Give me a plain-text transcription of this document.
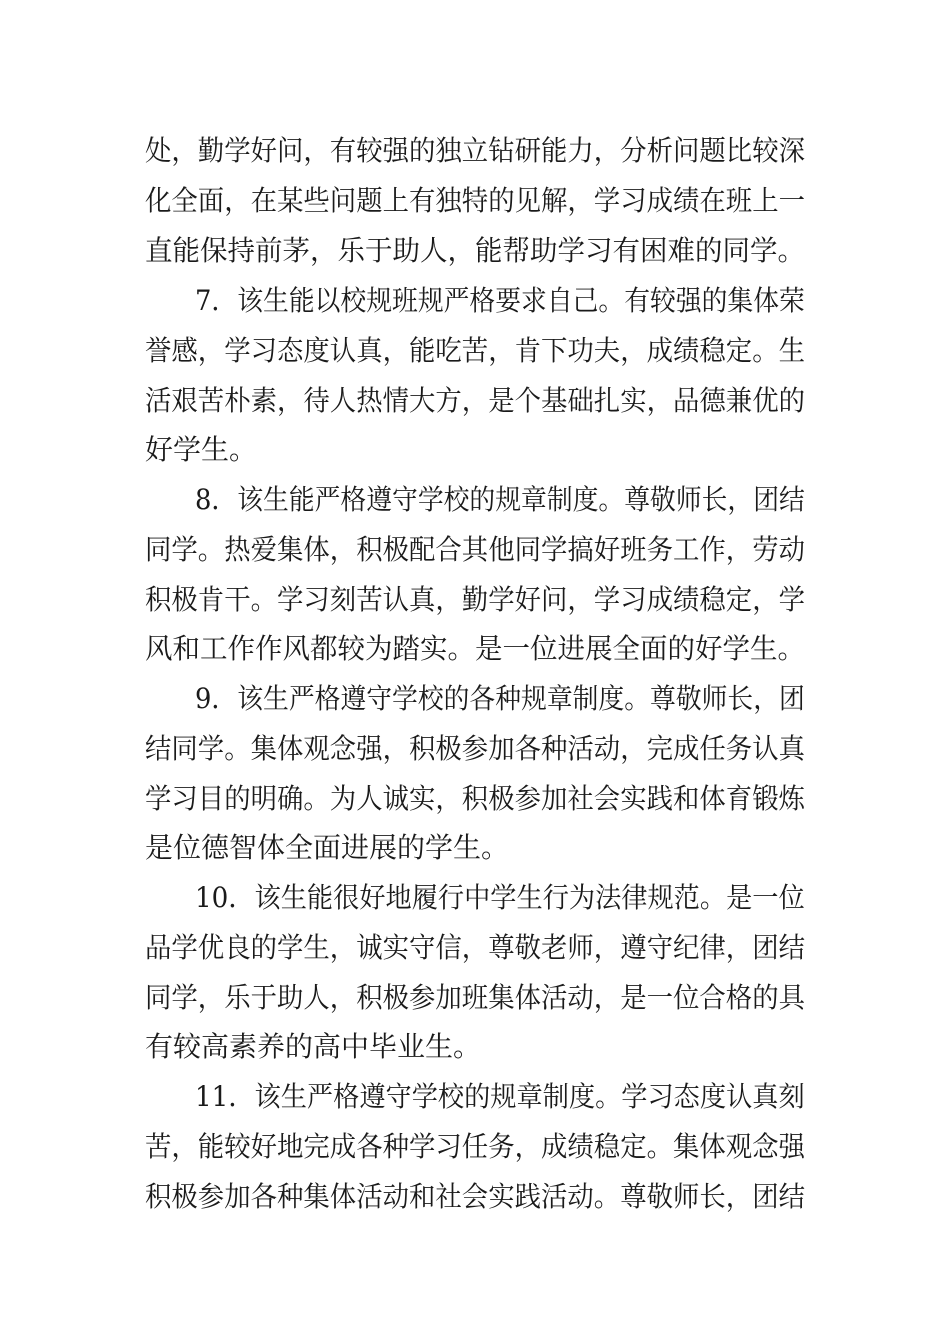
处，勤学好问，有较强的独立钻研能力，分析问题比较深
化全面，在某些问题上有独特的见解，学习成绩在班上一
直能保持前茅，乐于助人，能帮助学习有困难的同学。
7．该生能以校规班规严格要求自己。有较强的集体荣
誉感，学习态度认真，能吃苦，肯下功夫，成绩稳定。生
活艰苦朴素，待人热情大方，是个基础扎实，品德兼优的
好学生。
8．该生能严格遵守学校的规章制度。尊敬师长，团结
同学。热爱集体，积极配合其他同学搞好班务工作，劳动
积极肯干。学习刻苦认真，勤学好问，学习成绩稳定，学
风和工作作风都较为踏实。是一位进展全面的好学生。
9．该生严格遵守学校的各种规章制度。尊敬师长，团
结同学。集体观念强，积极参加各种活动，完成任务认真
学习目的明确。为人诚实，积极参加社会实践和体育锻炼
是位德智体全面进展的学生。
10．该生能很好地履行中学生行为法律规范。是一位
品学优良的学生，诚实守信，尊敬老师，遵守纪律，团结
同学，乐于助人，积极参加班集体活动，是一位合格的具
有较高素养的高中毕业生。
11．该生严格遵守学校的规章制度。学习态度认真刻
苦，能较好地完成各种学习任务，成绩稳定。集体观念强
积极参加各种集体活动和社会实践活动。尊敬师长，团结
